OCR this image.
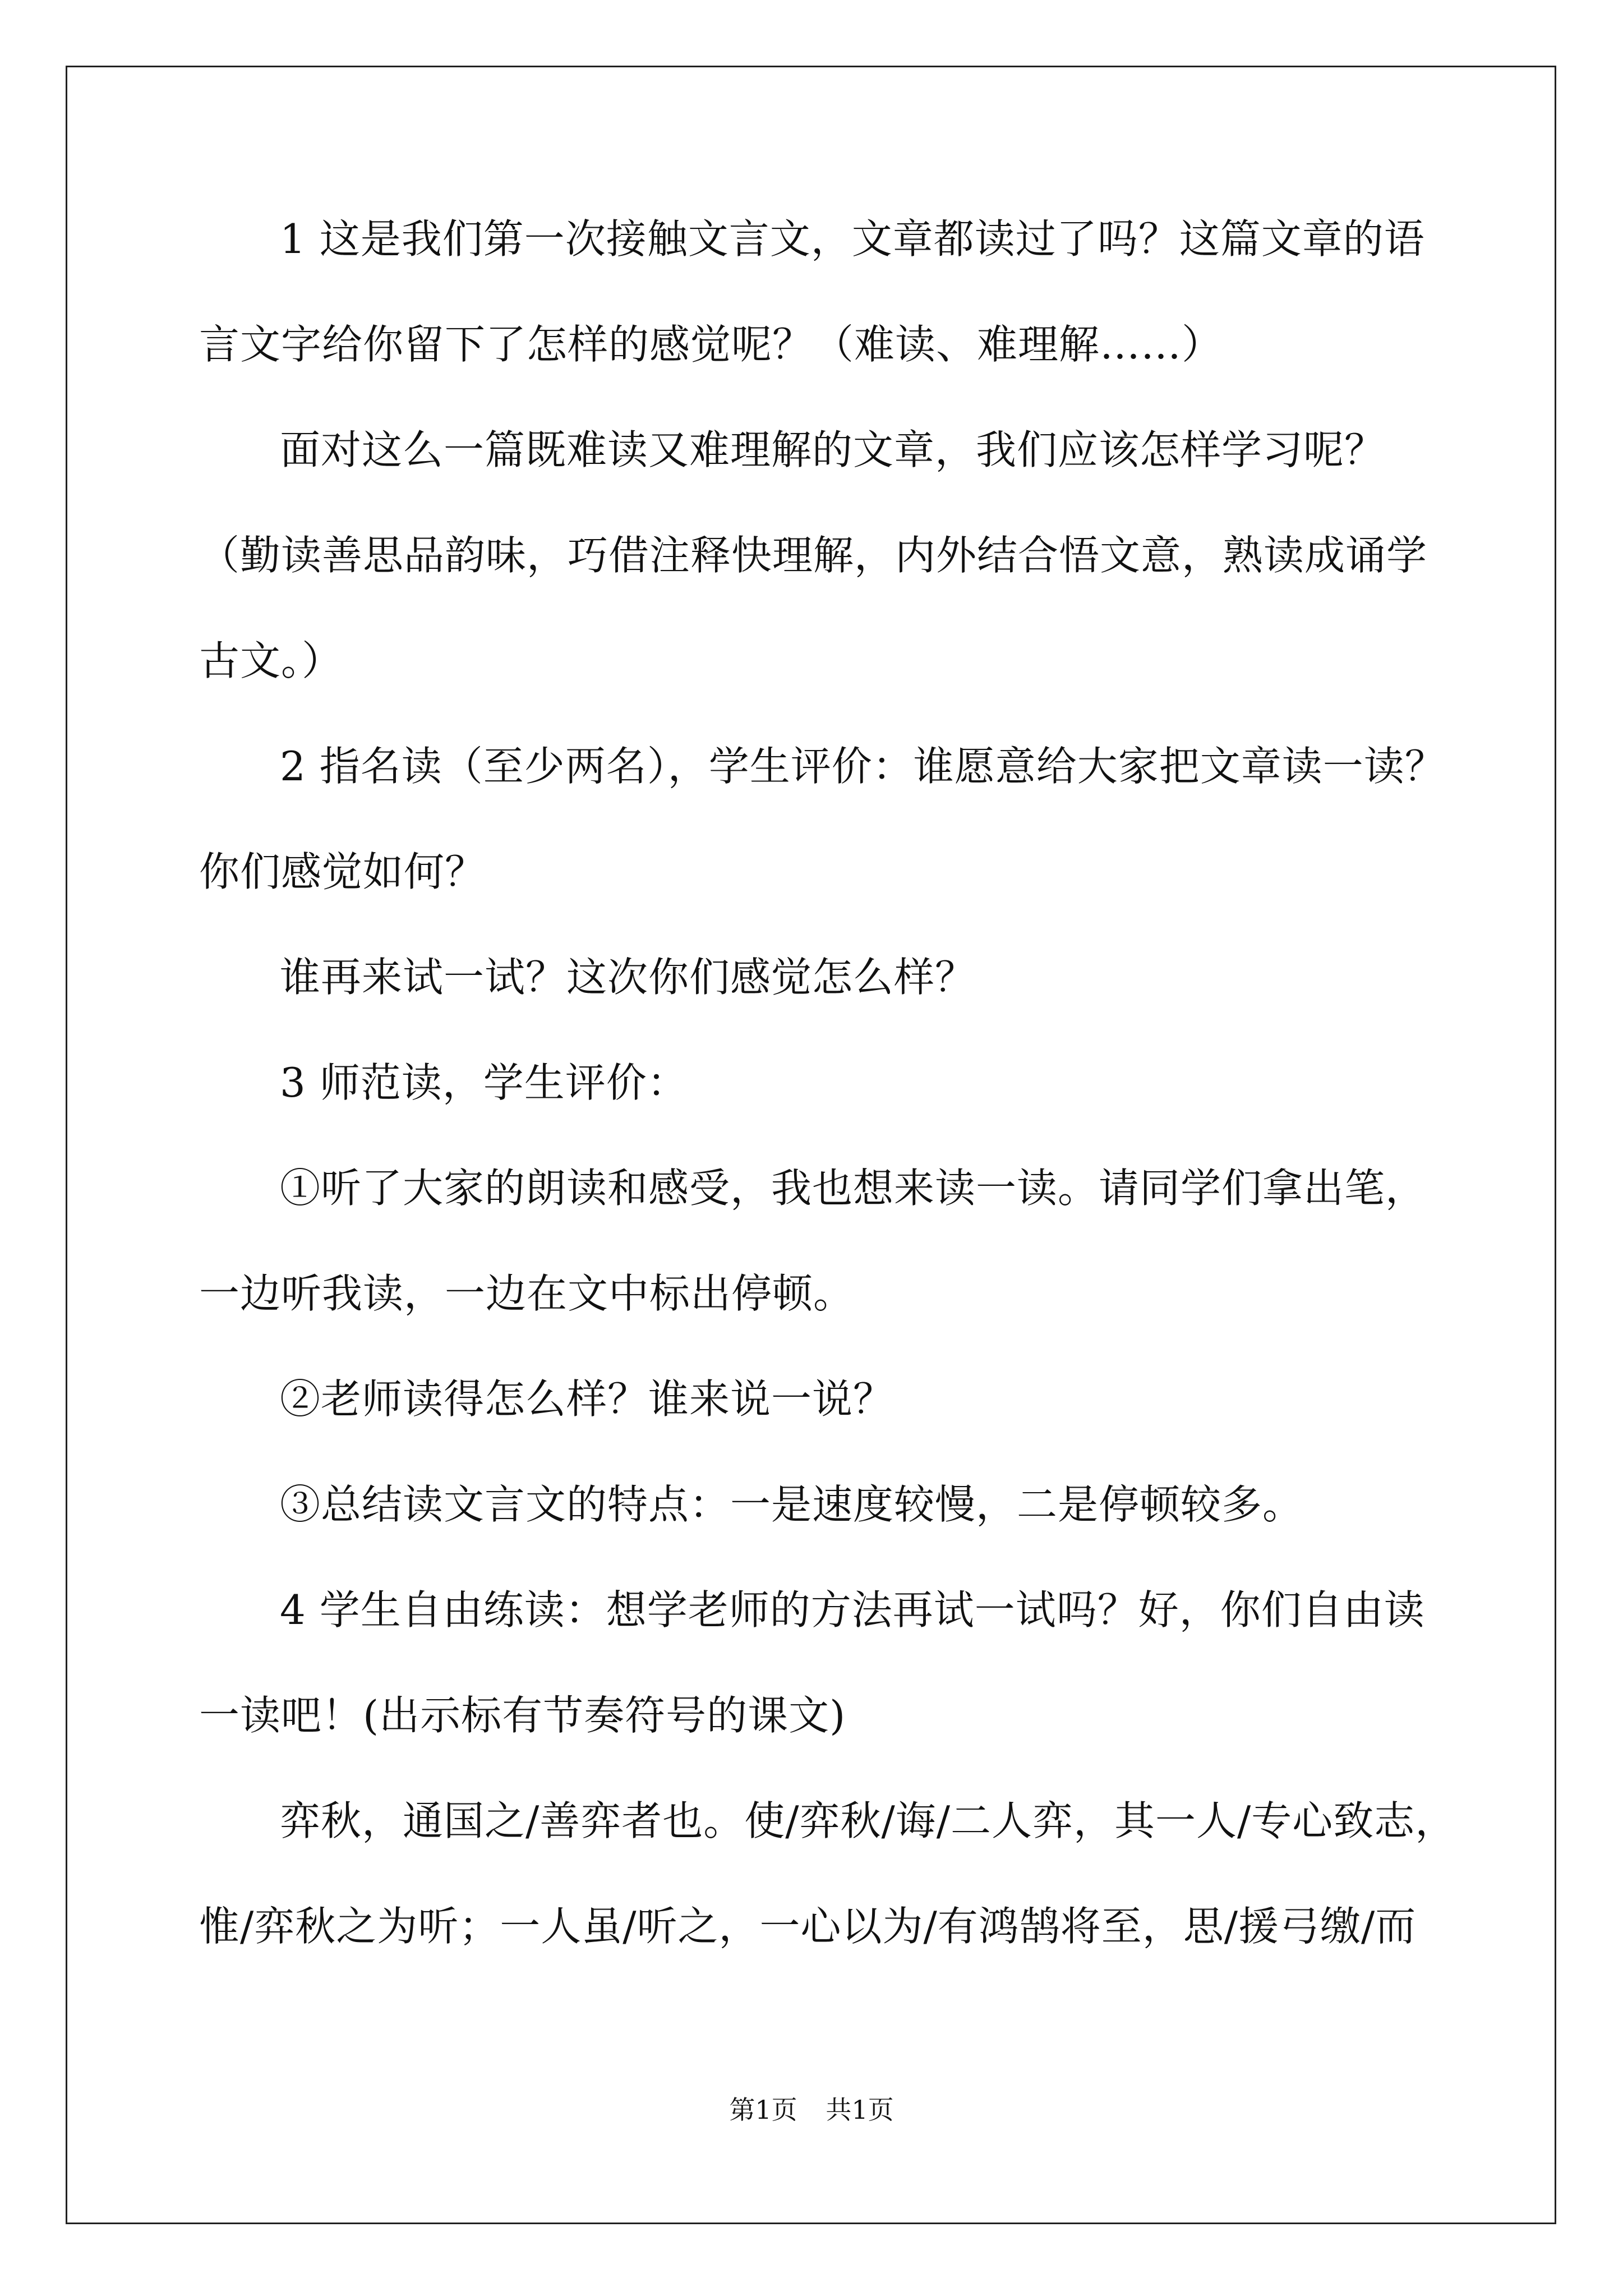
1 这是我们第一次接触文言文，文章都读过了吗？这篇文章的语
言文字给你留下了怎样的感觉呢？（难读、难理解……）
面对这么一篇既难读又难理解的文章，我们应该怎样学习呢？
（勤读善思品韵味，巧借注释快理解，内外结合悟文意，熟读成诵学
古文。）
2 指名读（至少两名），学生评价：谁愿意给大家把文章读一读？
你们感觉如何？
谁再来试一试？这次你们感觉怎么样？
3 师范读，学生评价：
①听了大家的朗读和感受，我也想来读一读。请同学们拿出笔，
一边听我读，一边在文中标出停顿。
②老师读得怎么样？谁来说一说？
③总结读文言文的特点：一是速度较慢，二是停顿较多。
4 学生自由练读：想学老师的方法再试一试吗？好，你们自由读
一读吧！(出示标有节奏符号的课文)
弈秋，通国之/善弈者也。使/弈秋/诲/二人弈，其一人/专心致志，
惟/弈秋之为听；一人虽/听之，一心以为/有鸿鹄将至，思/援弓缴/而
第1页 共1页
